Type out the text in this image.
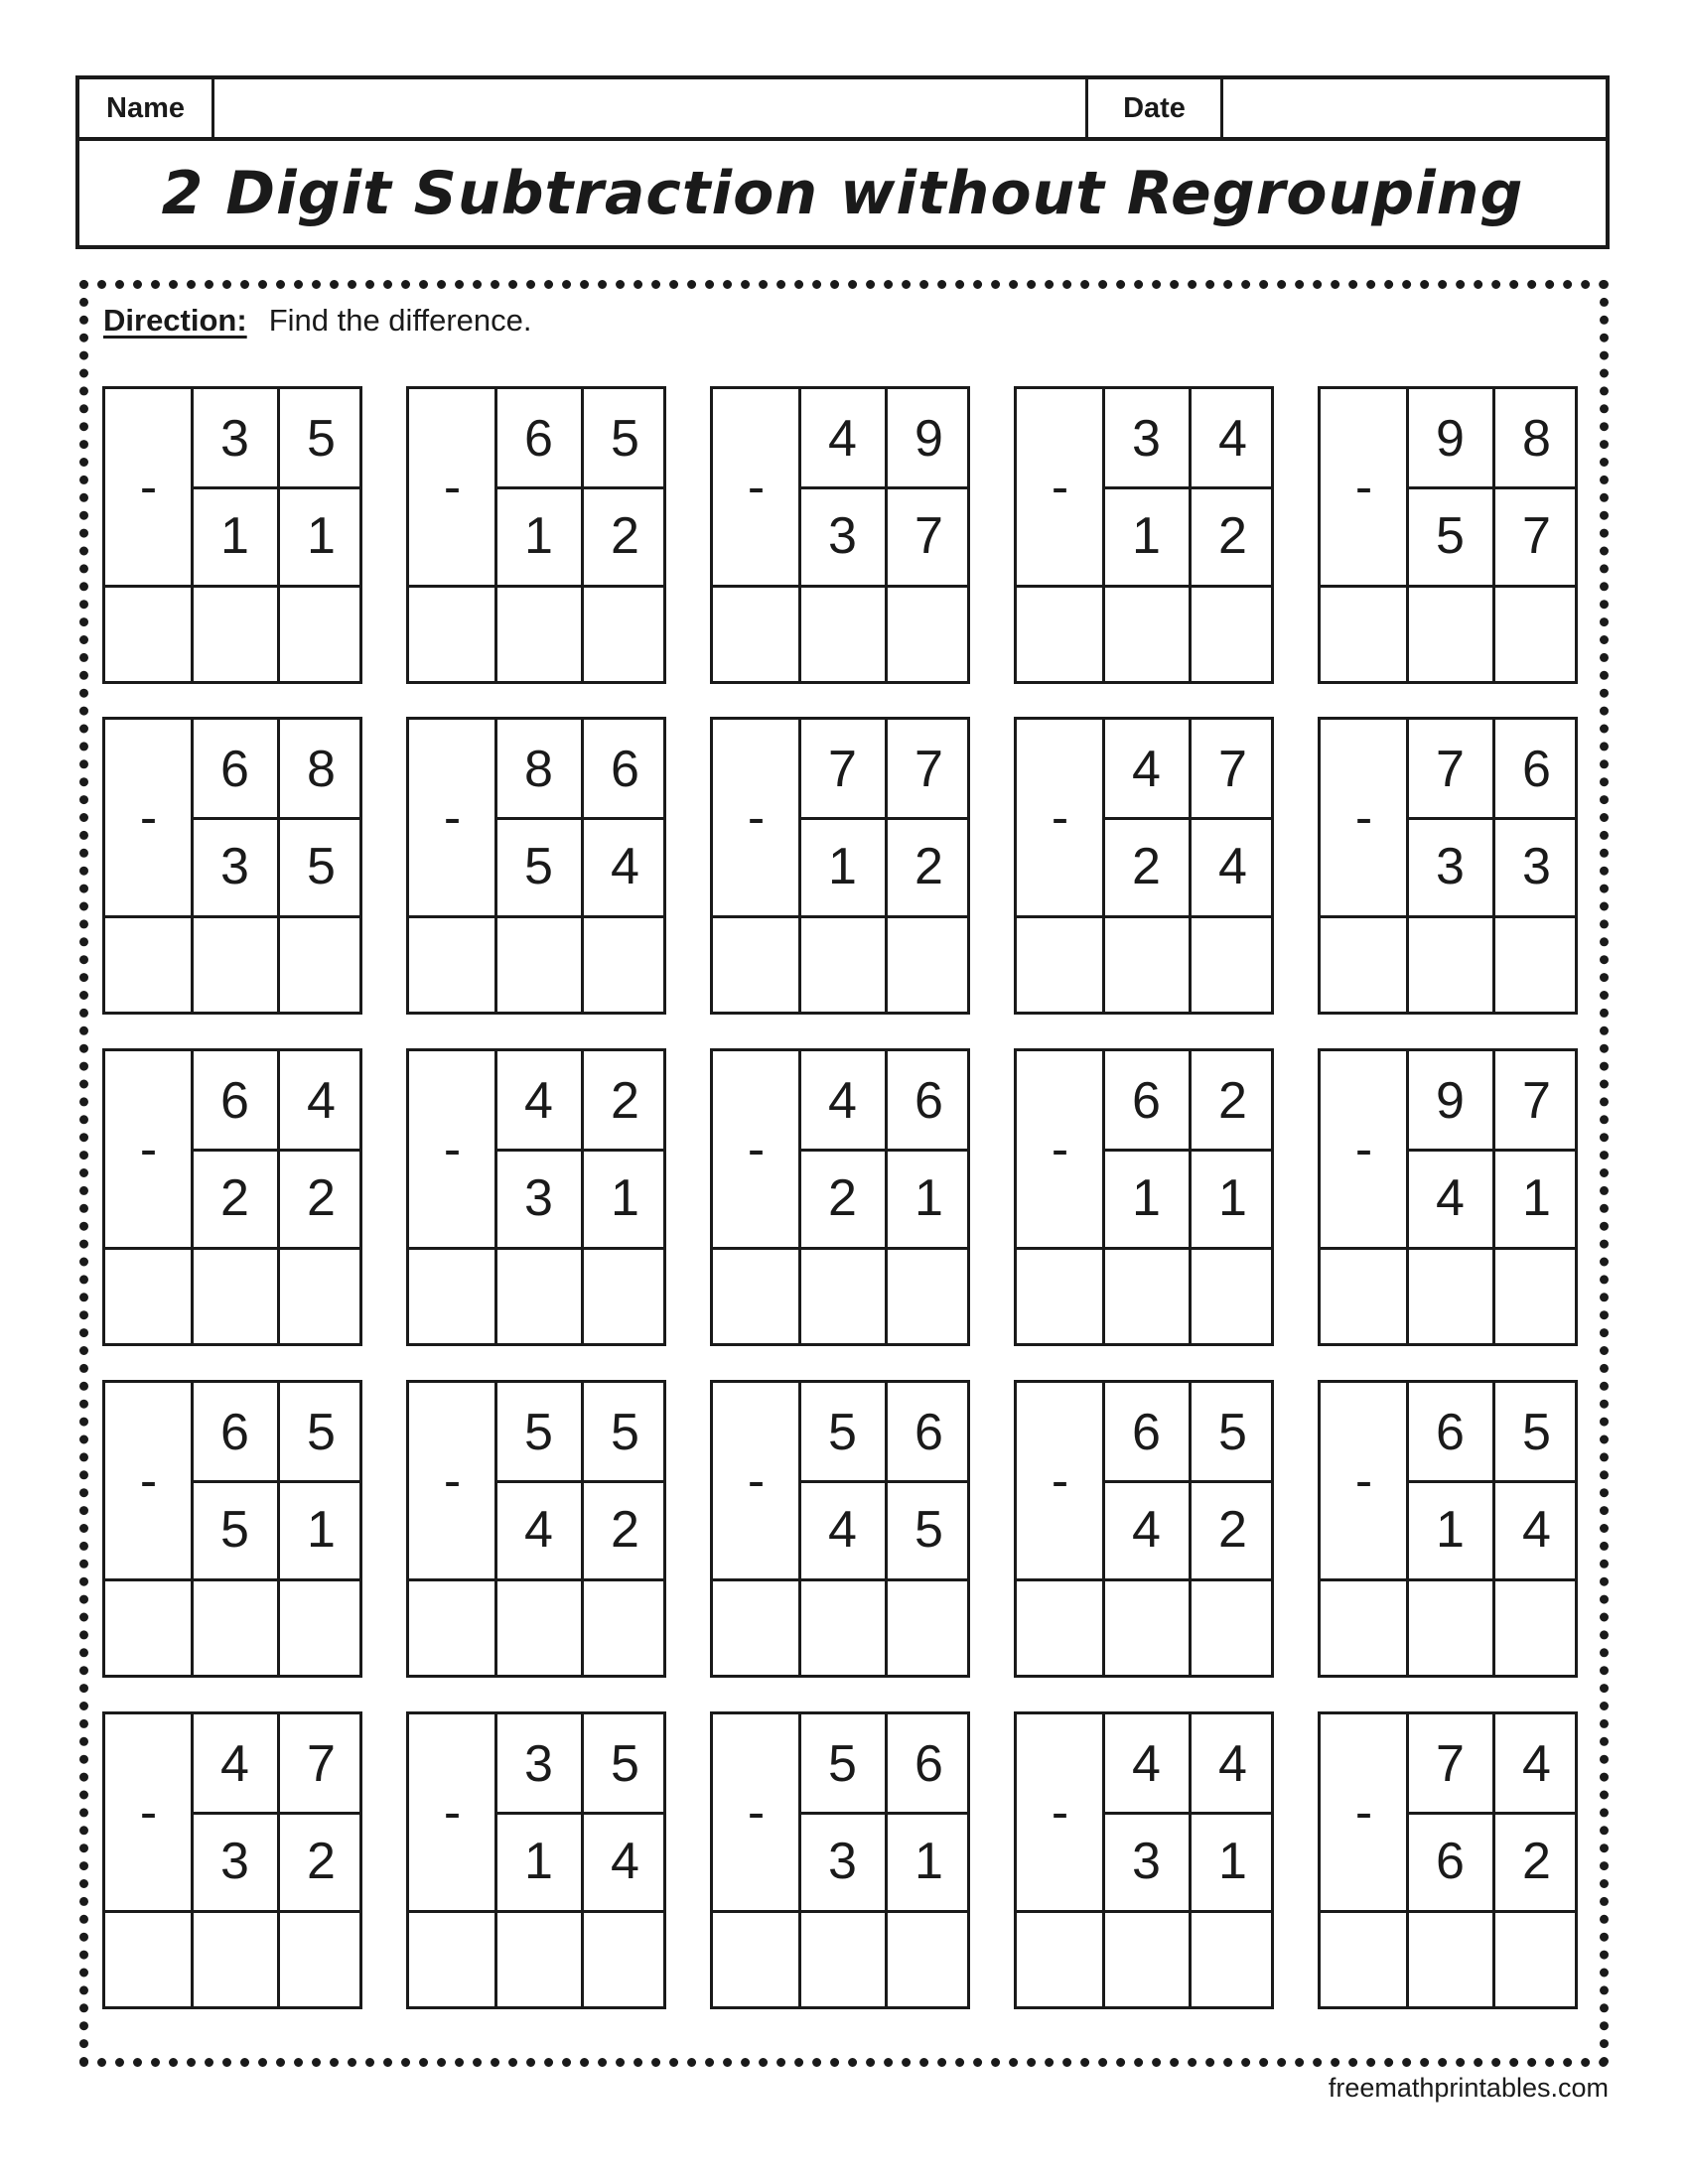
Name	Date
2 Digit Subtraction without Regrouping
Direction: Find the difference.
-
3	5
1	1
-
6	5
1	2
-
4	9
3	7
-
3	4
1	2
-
9	8
5	7
-
6	8
3	5
-
8	6
5	4
-
7	7
1	2
-
4	7
2	4
-
7	6
3	3
-
6	4
2	2
-
4	2
3	1
-
4	6
2	1
-
6	2
1	1
-
9	7
4	1
-
6	5
5	1
-
5	5
4	2
-
5	6
4	5
-
6	5
4	2
-
6	5
1	4
-
4	7
3	2
-
3	5
1	4
-
5	6
3	1
-
4	4
3	1
-
7	4
6	2
freemathprintables.com
